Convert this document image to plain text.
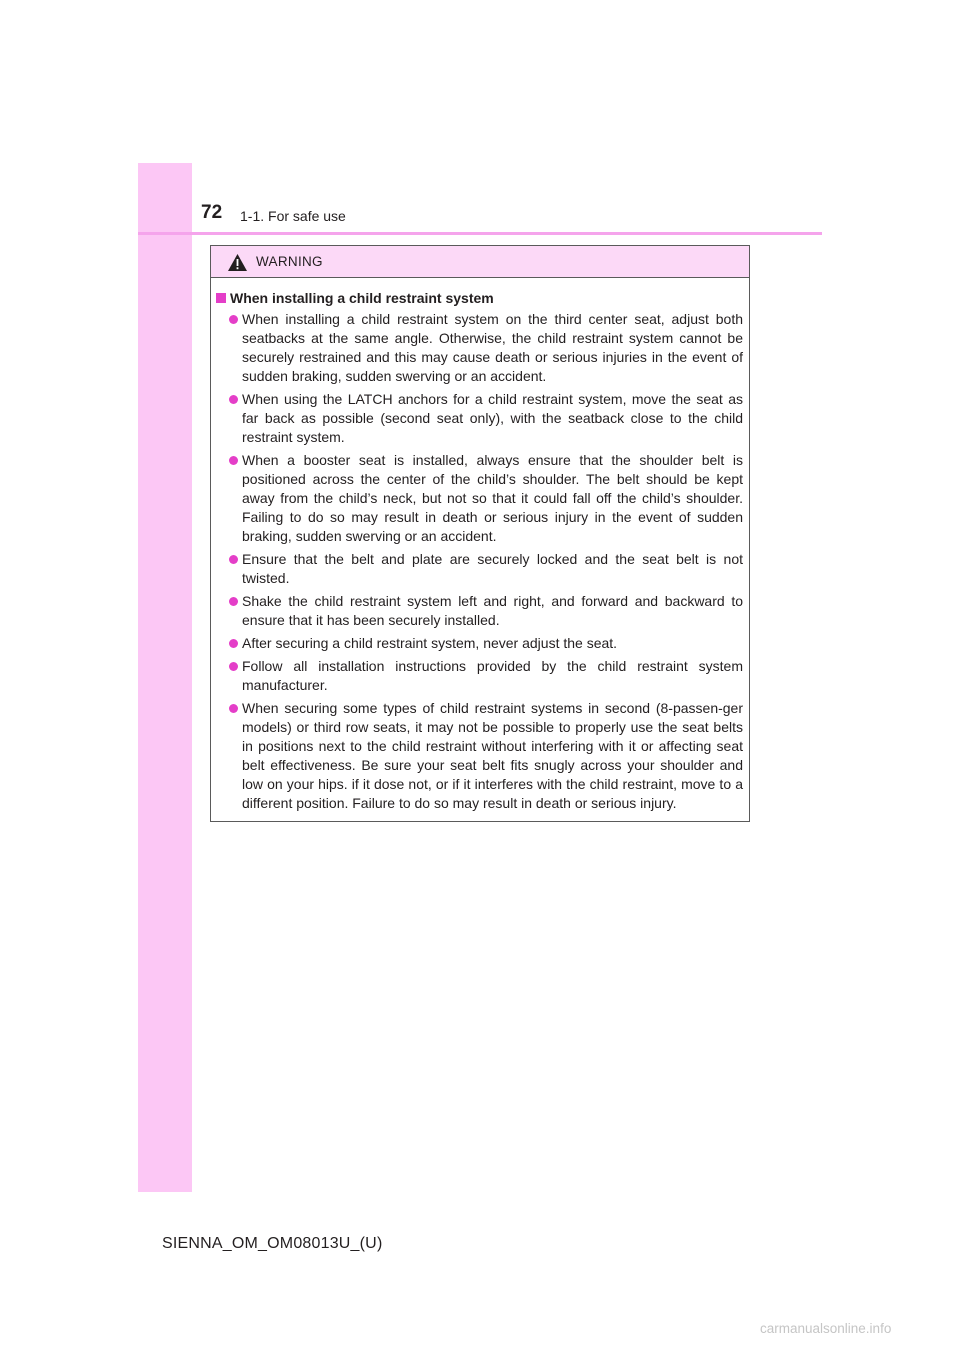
72 1-1. For safe use
WARNING
When installing a child restraint system
When installing a child restraint system on the third center seat, adjust both seatbacks at the same angle. Otherwise, the child restraint system cannot be securely restrained and this may cause death or serious injuries in the event of sudden braking, sudden swerving or an accident.
When using the LATCH anchors for a child restraint system, move the seat as far back as possible (second seat only), with the seatback close to the child restraint system.
When a booster seat is installed, always ensure that the shoulder belt is positioned across the center of the child’s shoulder. The belt should be kept away from the child’s neck, but not so that it could fall off the child’s shoulder. Failing to do so may result in death or serious injury in the event of sudden braking, sudden swerving or an accident.
Ensure that the belt and plate are securely locked and the seat belt is not twisted.
Shake the child restraint system left and right, and forward and backward to ensure that it has been securely installed.
After securing a child restraint system, never adjust the seat.
Follow all installation instructions provided by the child restraint system manufacturer.
When securing some types of child restraint systems in second (8-passen-ger models) or third row seats, it may not be possible to properly use the seat belts in positions next to the child restraint without interfering with it or affecting seat belt effectiveness. Be sure your seat belt fits snugly across your shoulder and low on your hips. if it dose not, or if it interferes with the child restraint, move to a different position. Failure to do so may result in death or serious injury.
SIENNA_OM_OM08013U_(U)
carmanualsonline.info
